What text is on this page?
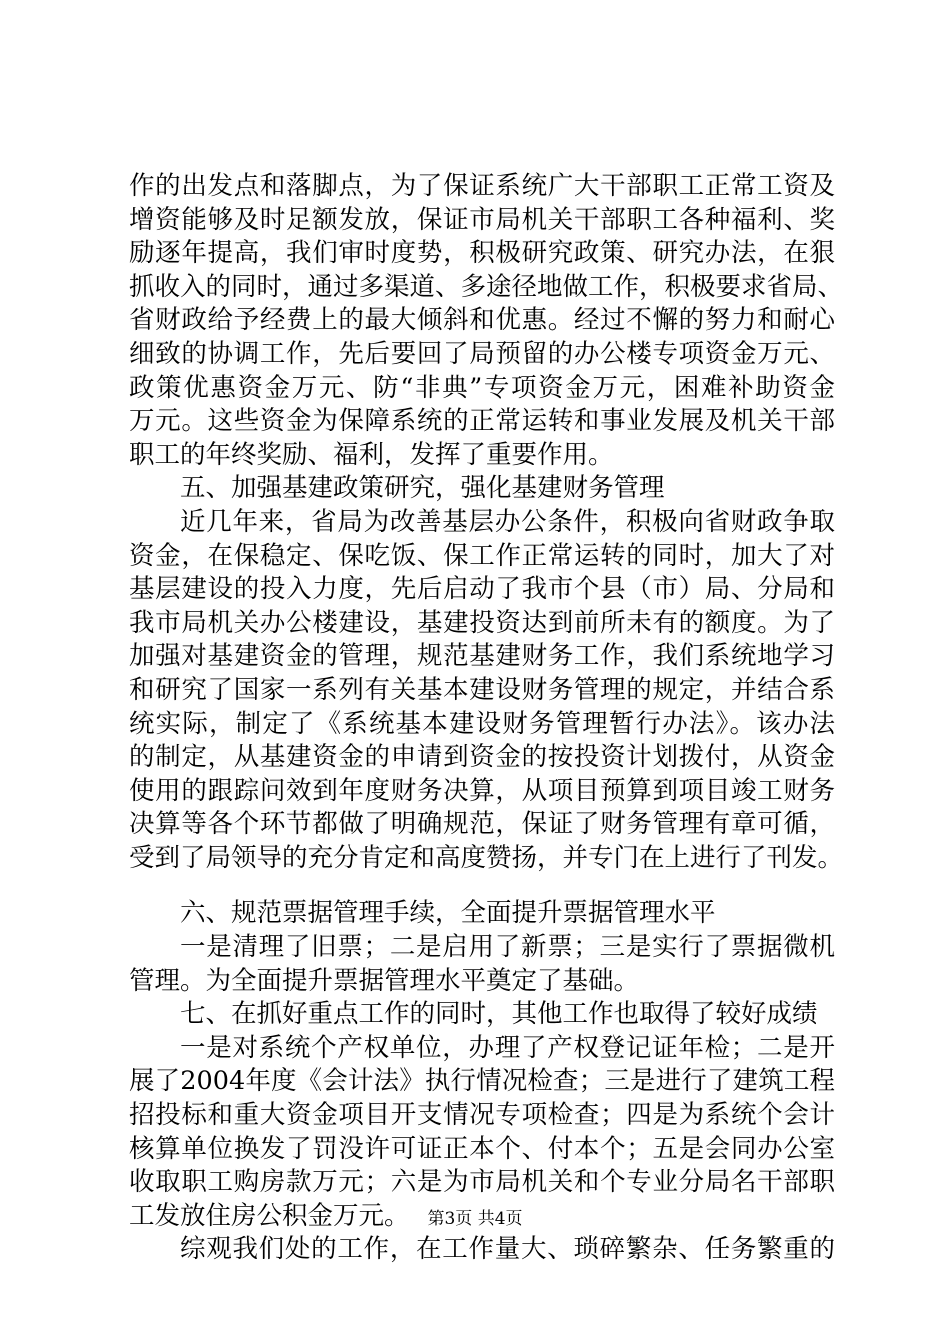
作的出发点和落脚点，为了保证系统广大干部职工正常工资及
增资能够及时足额发放，保证市局机关干部职工各种福利、奖
励逐年提高，我们审时度势，积极研究政策、研究办法，在狠
抓收入的同时，通过多渠道、多途径地做工作，积极要求省局、
省财政给予经费上的最大倾斜和优惠。经过不懈的努力和耐心
细致的协调工作，先后要回了局预留的办公楼专项资金万元、
政策优惠资金万元、防“非典”专项资金万元，困难补助资金
万元。这些资金为保障系统的正常运转和事业发展及机关干部
职工的年终奖励、福利，发挥了重要作用。
五、加强基建政策研究，强化基建财务管理
近几年来，省局为改善基层办公条件，积极向省财政争取
资金，在保稳定、保吃饭、保工作正常运转的同时，加大了对
基层建设的投入力度，先后启动了我市个县（市）局、分局和
我市局机关办公楼建设，基建投资达到前所未有的额度。为了
加强对基建资金的管理，规范基建财务工作，我们系统地学习
和研究了国家一系列有关基本建设财务管理的规定，并结合系
统实际，制定了《系统基本建设财务管理暂行办法》。该办法
的制定，从基建资金的申请到资金的按投资计划拨付，从资金
使用的跟踪问效到年度财务决算，从项目预算到项目竣工财务
决算等各个环节都做了明确规范，保证了财务管理有章可循，
受到了局领导的充分肯定和高度赞扬，并专门在上进行了刊发。
六、规范票据管理手续，全面提升票据管理水平
一是清理了旧票；二是启用了新票；三是实行了票据微机
管理。为全面提升票据管理水平奠定了基础。
七、在抓好重点工作的同时，其他工作也取得了较好成绩
一是对系统个产权单位，办理了产权登记证年检；二是开
展了2004年度《会计法》执行情况检查；三是进行了建筑工程
招投标和重大资金项目开支情况专项检查；四是为系统个会计
核算单位换发了罚没许可证正本个、付本个；五是会同办公室
收取职工购房款万元；六是为市局机关和个专业分局名干部职
工发放住房公积金万元。
综观我们处的工作，在工作量大、琐碎繁杂、任务繁重的
第3页 共4页
